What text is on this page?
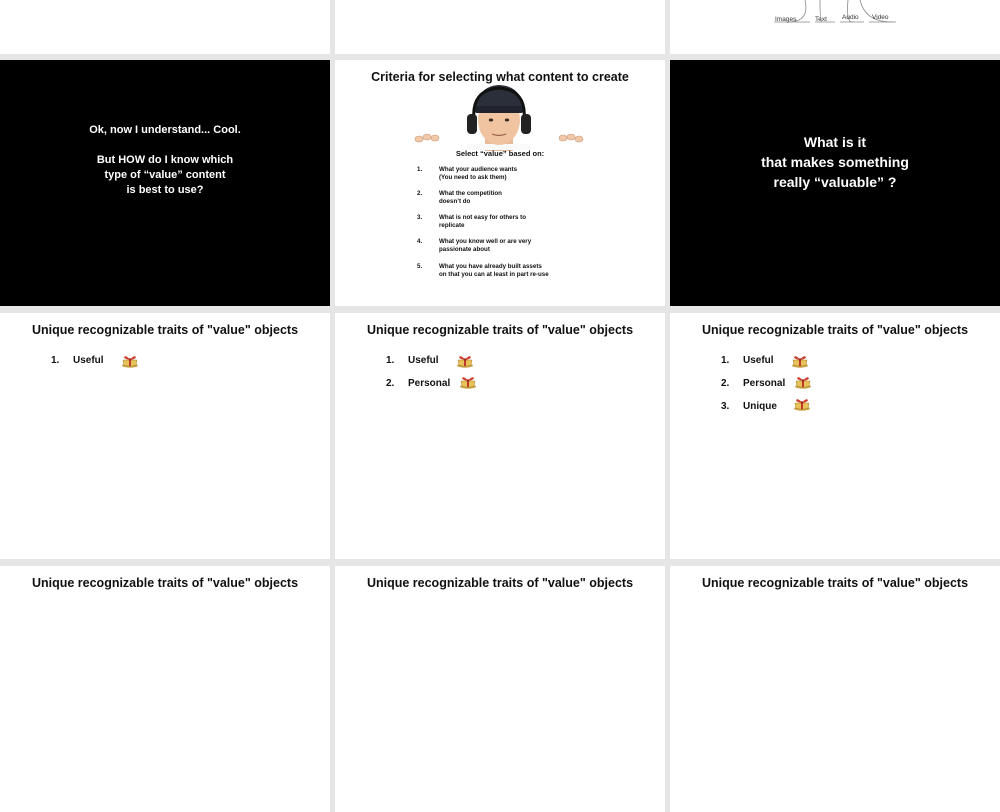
Images	Text Audio Video
Ok, now I understand... Cool.

But HOW do I know which
type of “value” content
is best to use?
Criteria for selecting what content to create
Select “value” based on:
1.	What your audience wants
(You need to ask them)
2.	What the competition
doesn’t do
3.	What is not easy for others to
replicate
4.	What you know well or are very
passionate about
5.	What you have already built assets
on that you can at least in part re-use
What is it
that makes something
really “valuable” ?
Unique recognizable traits of "value" objects
1. Useful
Unique recognizable traits of "value" objects
1. Useful
2. Personal
Unique recognizable traits of "value" objects
1. Useful
2. Personal
3. Unique
Unique recognizable traits of "value" objects	Unique recognizable traits of "value" objects	Unique recognizable traits of "value" objects
